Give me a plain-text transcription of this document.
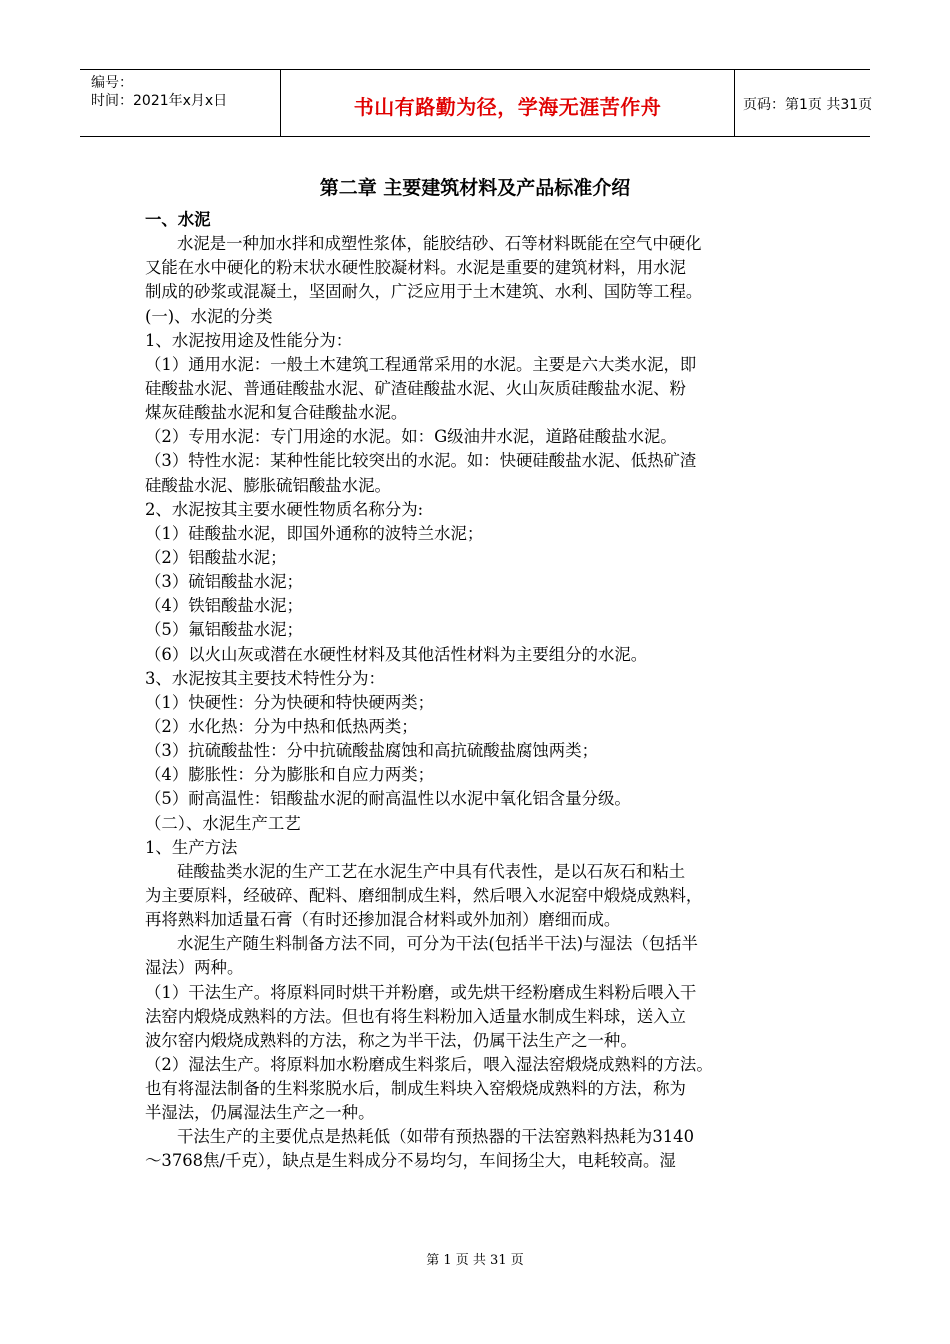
编号：
时间：2021年x月x日	书山有路勤为径，学海无涯苦作舟	页码：第1页 共31页
第二章 主要建筑材料及产品标准介绍
一、水泥
水泥是一种加水拌和成塑性浆体，能胶结砂、石等材料既能在空气中硬化
又能在水中硬化的粉末状水硬性胶凝材料。水泥是重要的建筑材料，用水泥
制成的砂浆或混凝土，坚固耐久，广泛应用于土木建筑、水利、国防等工程。
(一)、水泥的分类
1、水泥按用途及性能分为：
（1）通用水泥：一般土木建筑工程通常采用的水泥。主要是六大类水泥，即
硅酸盐水泥、普通硅酸盐水泥、矿渣硅酸盐水泥、火山灰质硅酸盐水泥、粉
煤灰硅酸盐水泥和复合硅酸盐水泥。
（2）专用水泥：专门用途的水泥。如：G级油井水泥，道路硅酸盐水泥。
（3）特性水泥：某种性能比较突出的水泥。如：快硬硅酸盐水泥、低热矿渣
硅酸盐水泥、膨胀硫铝酸盐水泥。
2、水泥按其主要水硬性物质名称分为:
（1）硅酸盐水泥，即国外通称的波特兰水泥；
（2）铝酸盐水泥；
（3）硫铝酸盐水泥；
（4）铁铝酸盐水泥；
（5）氟铝酸盐水泥；
（6）以火山灰或潜在水硬性材料及其他活性材料为主要组分的水泥。
3、水泥按其主要技术特性分为：
（1）快硬性：分为快硬和特快硬两类；
（2）水化热：分为中热和低热两类；
（3）抗硫酸盐性：分中抗硫酸盐腐蚀和高抗硫酸盐腐蚀两类；
（4）膨胀性：分为膨胀和自应力两类；
（5）耐高温性：铝酸盐水泥的耐高温性以水泥中氧化铝含量分级。
（二）、水泥生产工艺
1、生产方法
硅酸盐类水泥的生产工艺在水泥生产中具有代表性，是以石灰石和粘土
为主要原料，经破碎、配料、磨细制成生料，然后喂入水泥窑中煅烧成熟料，
再将熟料加适量石膏（有时还掺加混合材料或外加剂）磨细而成。
水泥生产随生料制备方法不同，可分为干法(包括半干法)与湿法（包括半
湿法）两种。
（1）干法生产。将原料同时烘干并粉磨，或先烘干经粉磨成生料粉后喂入干
法窑内煅烧成熟料的方法。但也有将生料粉加入适量水制成生料球，送入立
波尔窑内煅烧成熟料的方法，称之为半干法，仍属干法生产之一种。
（2）湿法生产。将原料加水粉磨成生料浆后，喂入湿法窑煅烧成熟料的方法。
也有将湿法制备的生料浆脱水后，制成生料块入窑煅烧成熟料的方法，称为
半湿法，仍属湿法生产之一种。
干法生产的主要优点是热耗低（如带有预热器的干法窑熟料热耗为3140
～3768焦/千克），缺点是生料成分不易均匀，车间扬尘大，电耗较高。湿
第 1 页 共 31 页
